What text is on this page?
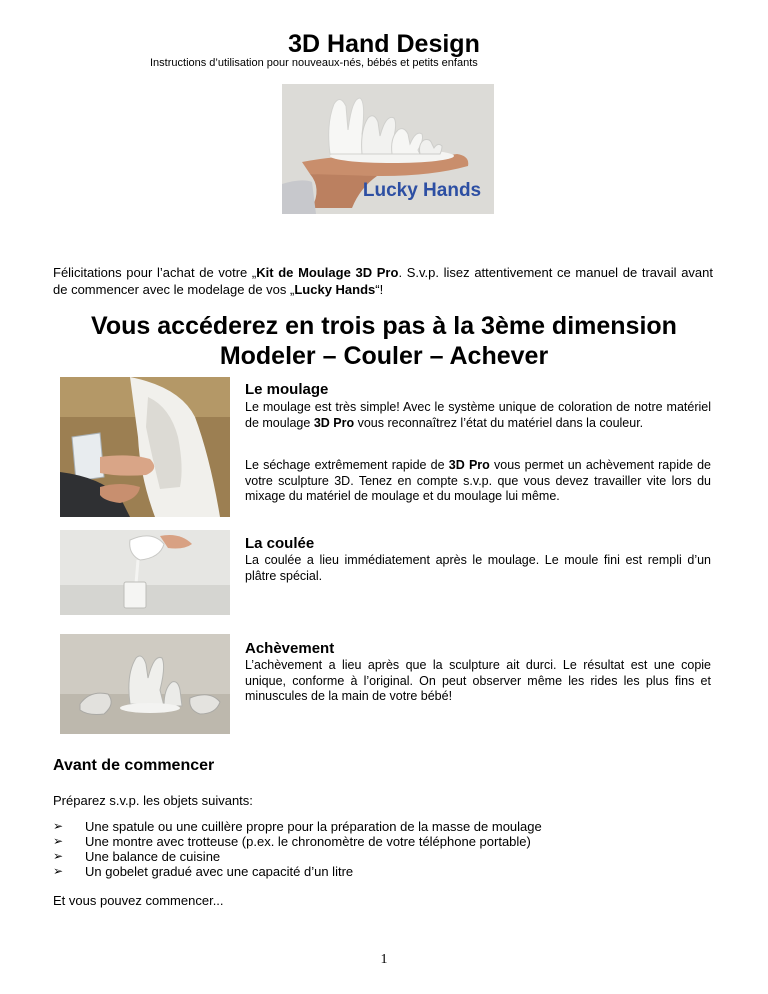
3D Hand Design
Instructions d’utilisation pour nouveaux-nés, bébés et petits enfants
Lucky Hands
Félicitations pour l’achat de votre „Kit de Moulage 3D Pro. S.v.p. lisez attentivement ce manuel de travail avant de commencer avec le modelage de vos „Lucky Hands“!
Vous accéderez en trois pas à la 3ème dimension
Modeler – Couler – Achever
Le moulage
Le moulage est très simple! Avec le système unique de coloration de notre matériel de moulage 3D Pro vous reconnaîtrez l’état du matériel dans la couleur.
Le séchage extrêmement rapide de 3D Pro vous permet un achèvement rapide de votre sculpture 3D. Tenez en compte s.v.p. que vous devez travailler vite lors du mixage du matériel de moulage et du moulage lui même.
La coulée
La coulée a lieu immédiatement après le moulage. Le moule fini est rempli d’un plâtre spécial.
Achèvement
L’achèvement a lieu après que la sculpture ait durci. Le résultat est une copie unique, conforme à l’original. On peut observer même les rides les plus fins et minuscules de la main de votre bébé!
Avant de commencer
Préparez s.v.p. les objets suivants:
➢ Une spatule ou une cuillère propre pour la préparation de la masse de moulage
➢ Une montre avec trotteuse (p.ex. le chronomètre de votre téléphone portable)
➢ Une balance de cuisine
➢ Un gobelet gradué avec une capacité d’un litre
Et vous pouvez commencer...
1
